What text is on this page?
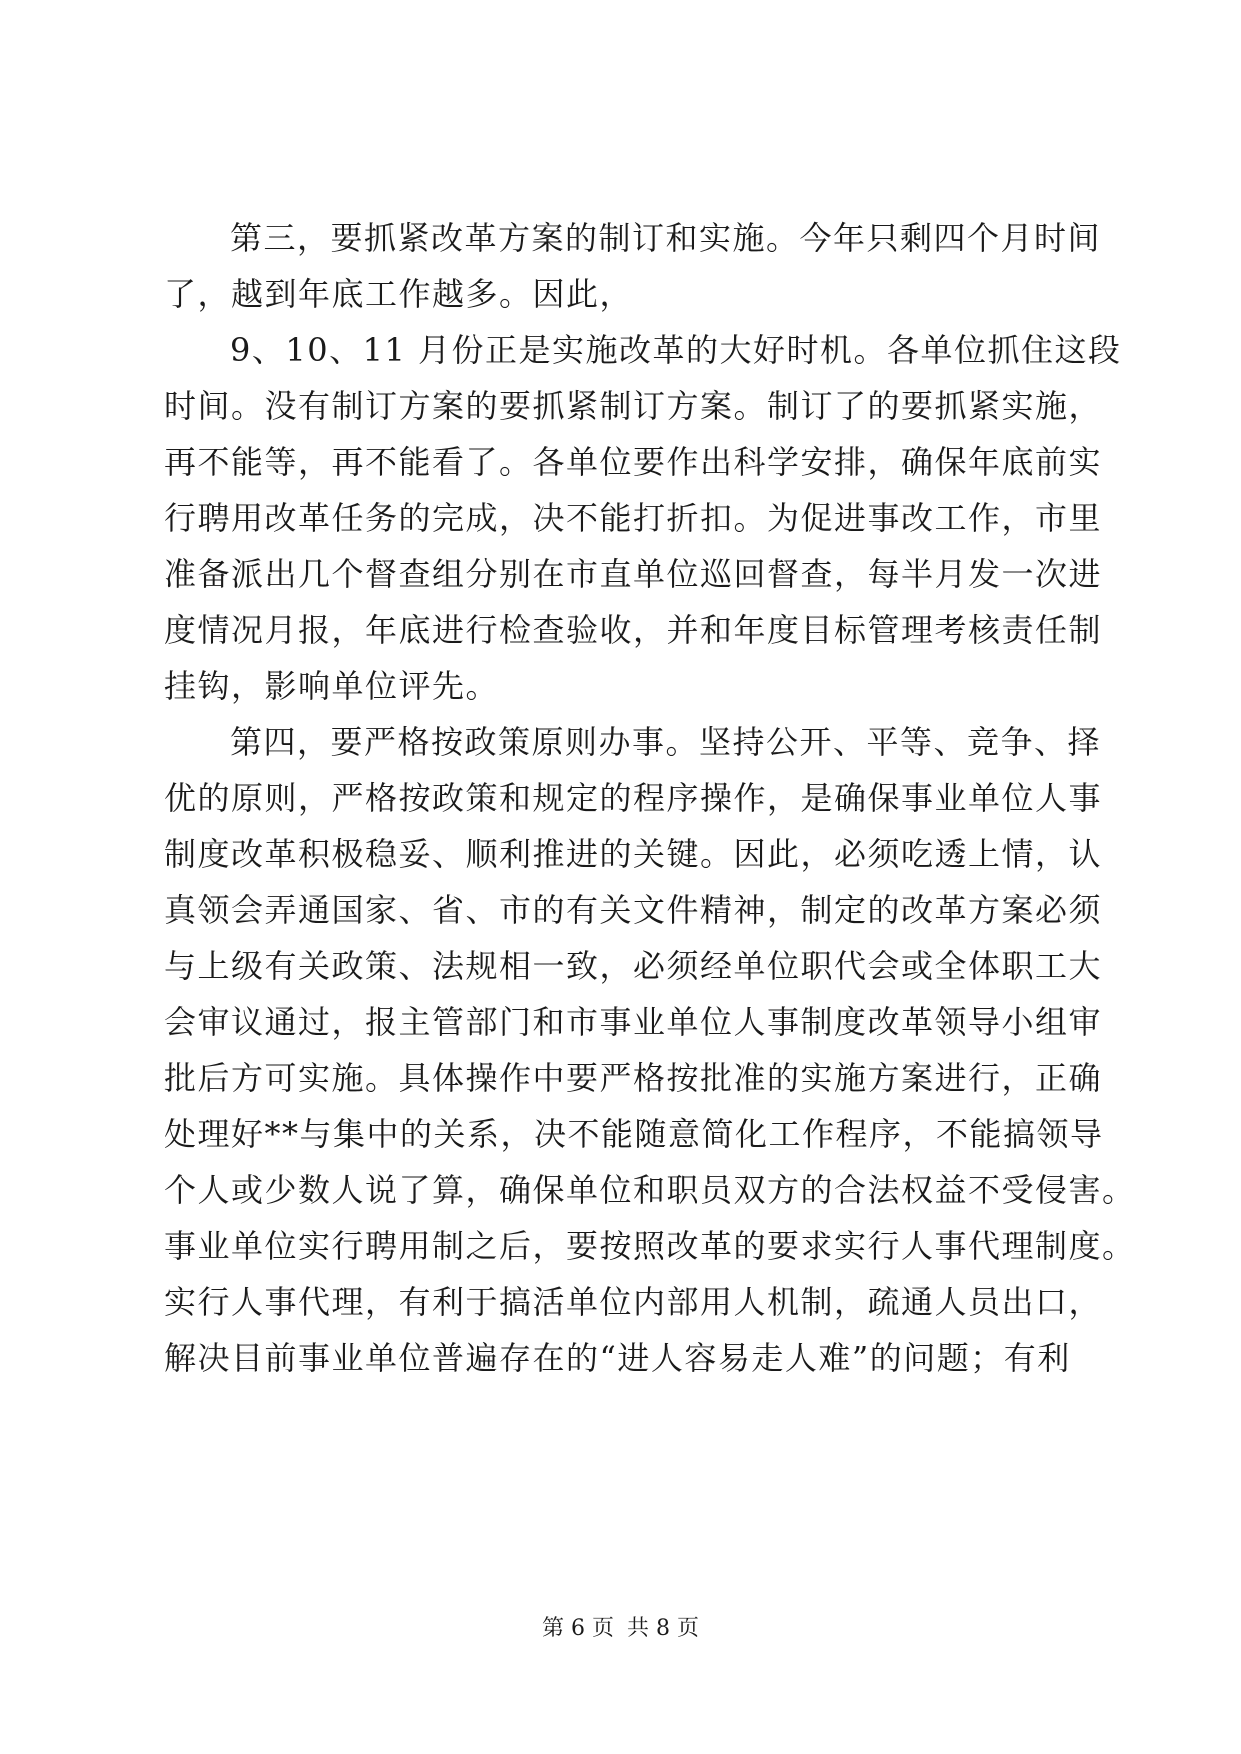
第三，要抓紧改革方案的制订和实施。今年只剩四个月时间
了，越到年底工作越多。因此，
9、10、11 月份正是实施改革的大好时机。各单位抓住这段
时间。没有制订方案的要抓紧制订方案。制订了的要抓紧实施，
再不能等，再不能看了。各单位要作出科学安排，确保年底前实
行聘用改革任务的完成，决不能打折扣。为促进事改工作，市里
准备派出几个督查组分别在市直单位巡回督查，每半月发一次进
度情况月报，年底进行检查验收，并和年度目标管理考核责任制
挂钩，影响单位评先。
第四，要严格按政策原则办事。坚持公开、平等、竞争、择
优的原则，严格按政策和规定的程序操作，是确保事业单位人事
制度改革积极稳妥、顺利推进的关键。因此，必须吃透上情，认
真领会弄通国家、省、市的有关文件精神，制定的改革方案必须
与上级有关政策、法规相一致，必须经单位职代会或全体职工大
会审议通过，报主管部门和市事业单位人事制度改革领导小组审
批后方可实施。具体操作中要严格按批准的实施方案进行，正确
处理好**与集中的关系，决不能随意简化工作程序，不能搞领导
个人或少数人说了算，确保单位和职员双方的合法权益不受侵害。
事业单位实行聘用制之后，要按照改革的要求实行人事代理制度。
实行人事代理，有利于搞活单位内部用人机制，疏通人员出口，
解决目前事业单位普遍存在的“进人容易走人难”的问题；有利
第 6 页 共 8 页
